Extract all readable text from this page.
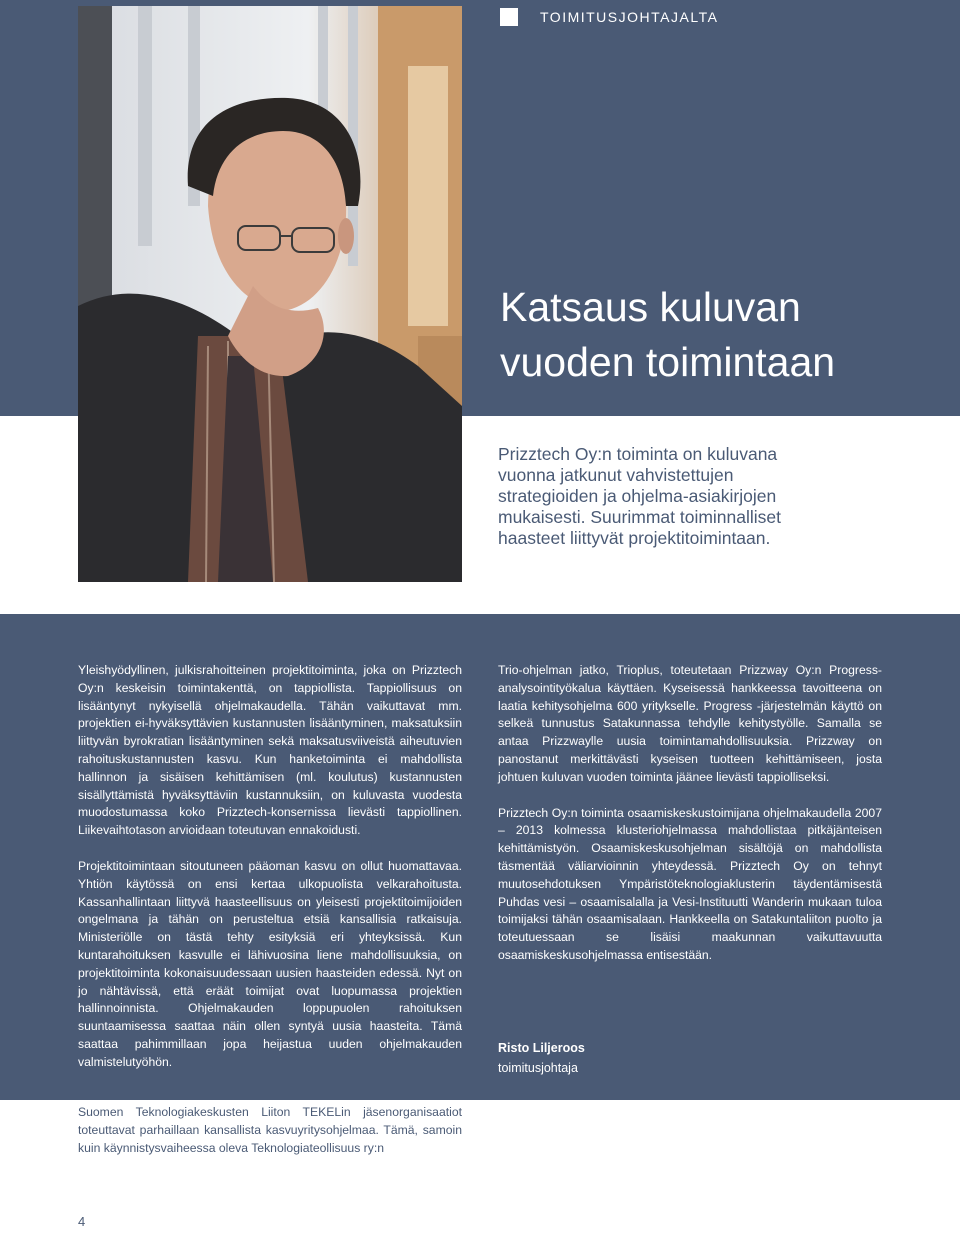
TOIMITUSJOHTAJALTA
Katsaus kuluvan
vuoden toimintaan
Prizztech Oy:n toiminta on kuluvana
vuonna jatkunut vahvistettujen
strategioiden ja ohjelma-asiakirjojen
mukaisesti. Suurimmat toiminnalliset
haasteet liittyvät projektitoimintaan.

Yleishyödyllinen, julkisrahoitteinen projektitoiminta, joka on Prizztech Oy:n keskeisin toimintakenttä, on tappiollista. Tappiollisuus on lisääntynyt nykyisellä ohjelmakaudella. Tähän vaikuttavat mm. projektien ei-hyväksyttävien kustannusten lisääntyminen, maksatuksiin liittyvän byrokratian lisääntyminen sekä maksatusviiveistä aiheutuvien rahoituskustannusten kasvu. Kun hanketoiminta ei mahdollista hallinnon ja sisäisen kehittämisen (ml. koulutus) kustannusten sisällyttämistä hyväksyttäviin kustannuksiin, on kuluvasta vuodesta muodostumassa koko Prizztech-konsernissa lievästi tappiollinen. Liikevaihtotason arvioidaan toteutuvan ennakoidusti.

Projektitoimintaan sitoutuneen pääoman kasvu on ollut huomattavaa. Yhtiön käytössä on ensi kertaa ulkopuolista velkarahoitusta. Kassanhallintaan liittyvä haasteellisuus on yleisesti projektitoimijoiden ongelmana ja tähän on perusteltua etsiä kansallisia ratkaisuja. Ministeriölle on tästä tehty esityksiä eri yhteyksissä. Kun kuntarahoituksen kasvulle ei lähivuosina liene mahdollisuuksia, on projektitoiminta kokonaisuudessaan uusien haasteiden edessä. Nyt on jo nähtävissä, että eräät toimijat ovat luopumassa projektien hallinnoinnista. Ohjelmakauden loppupuolen rahoituksen suuntaamisessa saattaa näin ollen syntyä uusia haasteita. Tämä saattaa pahimmillaan jopa heijastua uuden ohjelmakauden valmistelutyöhön.

Trio-ohjelman jatko, Trioplus, toteutetaan Prizzway Oy:n Progress-analysointityökalua käyttäen. Kyseisessä hankkeessa tavoitteena on laatia kehitysohjelma 600 yritykselle. Progress -järjestelmän käyttö on selkeä tunnustus Satakunnassa tehdylle kehitystyölle. Samalla se antaa Prizzwaylle uusia toimintamahdollisuuksia. Prizzway on panostanut merkittävästi kyseisen tuotteen kehittämiseen, josta johtuen kuluvan vuoden toiminta jäänee lievästi tappiolliseksi.

Prizztech Oy:n toiminta osaamiskeskustoimijana ohjelmakaudella 2007 – 2013 kolmessa klusteriohjelmassa mahdollistaa pitkäjänteisen kehittämistyön. Osaamiskeskusohjelman sisältöjä on mahdollista täsmentää väliarvioinnin yhteydessä. Prizztech Oy on tehnyt muutosehdotuksen Ympäristöteknologiaklusterin täydentämisestä Puhdas vesi – osaamisalalla ja Vesi-Instituutti Wanderin mukaan tuloa toimijaksi tähän osaamisalaan. Hankkeella on Satakuntaliiton puolto ja toteutuessaan se lisäisi maakunnan vaikuttavuutta osaamiskeskusohjelmassa entisestään.

Risto Liljeroos
toimitusjohtaja
Suomen Teknologiakeskusten Liiton TEKELin jäsenorganisaatiot toteuttavat parhaillaan kansallista kasvuyritysohjelmaa. Tämä, samoin kuin käynnistysvaiheessa oleva Teknologiateollisuus ry:n
4
